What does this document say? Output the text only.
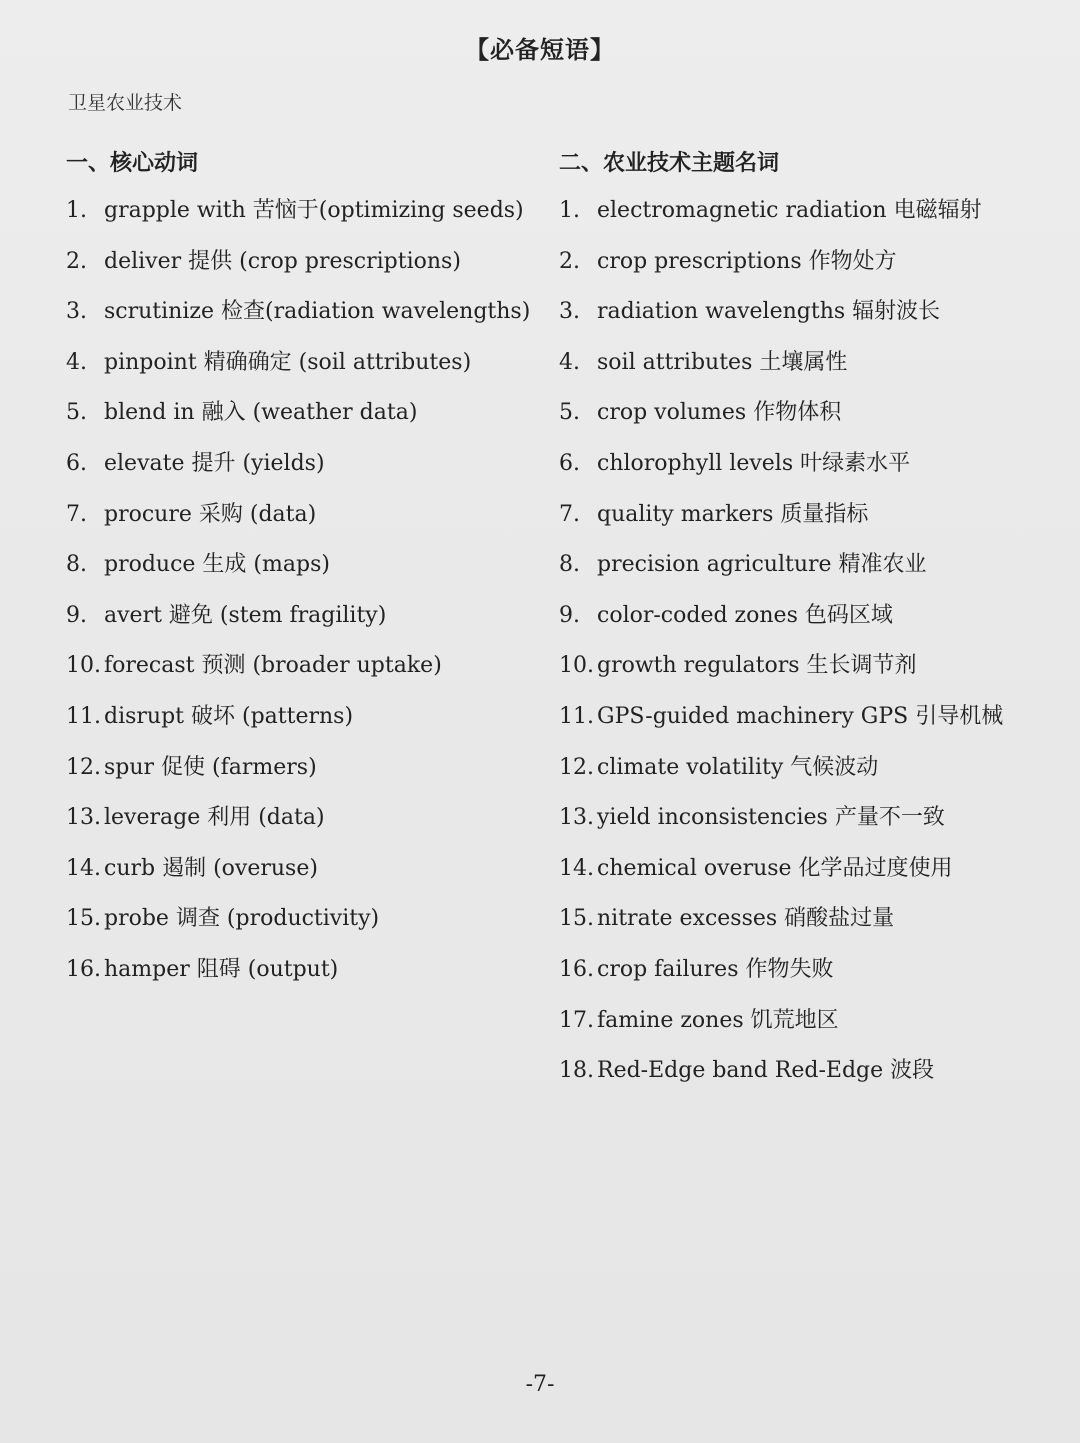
【必备短语】
卫星农业技术
一、核心动词
1. grapple with 苦恼于(optimizing seeds)
2. deliver 提供 (crop prescriptions)
3. scrutinize 检查(radiation wavelengths)
4. pinpoint 精确确定 (soil attributes)
5. blend in 融入 (weather data)
6. elevate 提升 (yields)
7. procure 采购 (data)
8. produce 生成 (maps)
9. avert 避免 (stem fragility)
10. forecast 预测 (broader uptake)
11. disrupt 破坏 (patterns)
12. spur 促使 (farmers)
13. leverage 利用 (data)
14. curb 遏制 (overuse)
15. probe 调查 (productivity)
16. hamper 阻碍 (output)
二、农业技术主题名词
1. electromagnetic radiation 电磁辐射
2. crop prescriptions 作物处方
3. radiation wavelengths 辐射波长
4. soil attributes 土壤属性
5. crop volumes 作物体积
6. chlorophyll levels 叶绿素水平
7. quality markers 质量指标
8. precision agriculture 精准农业
9. color-coded zones 色码区域
10. growth regulators 生长调节剂
11. GPS-guided machinery GPS 引导机械
12. climate volatility 气候波动
13. yield inconsistencies 产量不一致
14. chemical overuse 化学品过度使用
15. nitrate excesses 硝酸盐过量
16. crop failures 作物失败
17. famine zones 饥荒地区
18. Red-Edge band Red-Edge 波段
-7-
